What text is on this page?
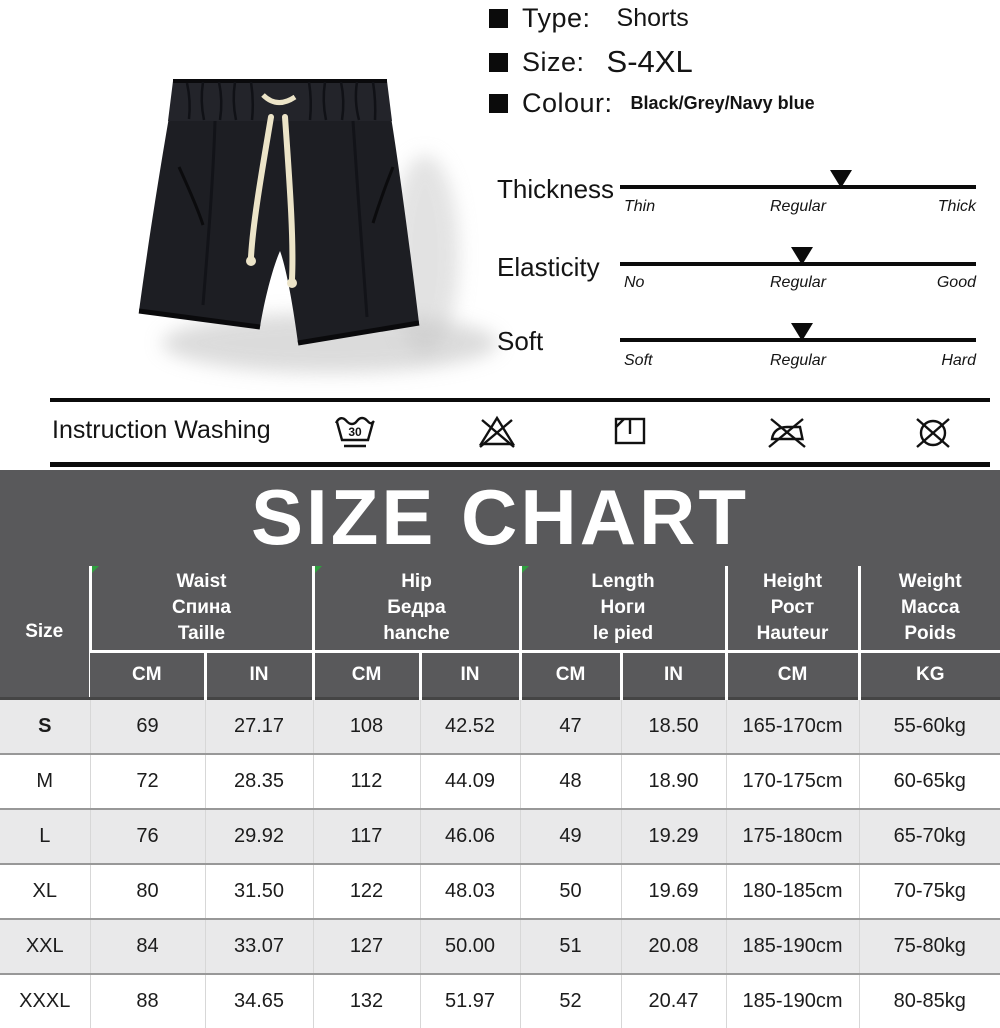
Type: Shorts
Size: S-4XL
Colour: Black/Grey/Navy blue
Thickness
Thin	Regular	Thick
Elasticity
No	Regular	Good
Soft
Soft	Regular	Hard
Instruction Washing	30
SIZE CHART
Size	
Waist
Спина
Taille

Hip
Бедра
hanche

Length
Ноги
le pied

Height
Рост
Hauteur

Weight
Масса
Poids

	CM	IN	CM	IN	CM	IN	CM	KG
S	69	27.17	108	42.52	47	18.50	165-170cm	55-60kg
M	72	28.35	112	44.09	48	18.90	170-175cm	60-65kg
L	76	29.92	117	46.06	49	19.29	175-180cm	65-70kg
XL	80	31.50	122	48.03	50	19.69	180-185cm	70-75kg
XXL	84	33.07	127	50.00	51	20.08	185-190cm	75-80kg
XXXL	88	34.65	132	51.97	52	20.47	185-190cm	80-85kg
